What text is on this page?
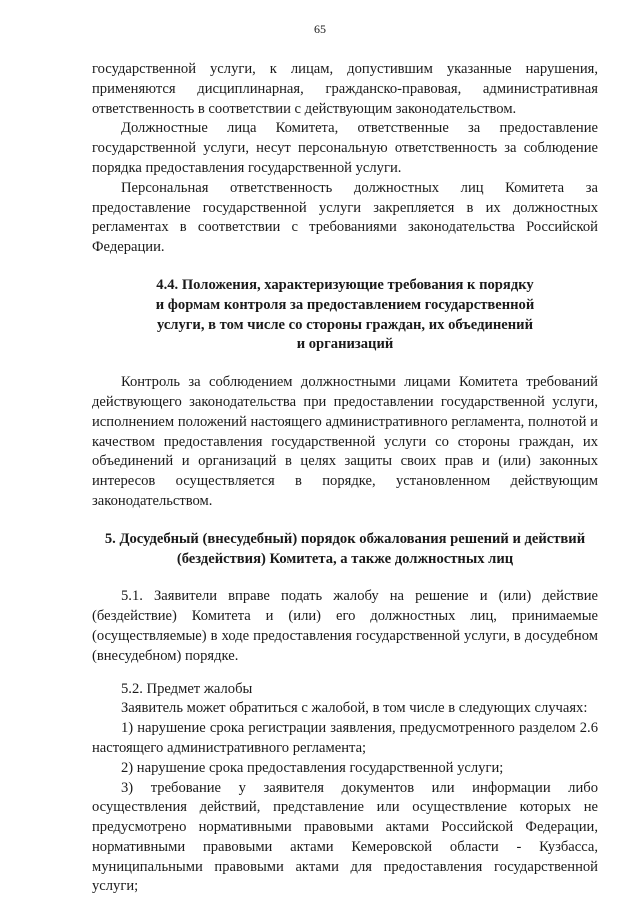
65

государственной услуги, к лицам, допустившим указанные нарушения, применяются дисциплинарная, гражданско-правовая, административная ответственность в соответствии с действующим законодательством.

Должностные лица Комитета, ответственные за предоставление государственной услуги, несут персональную ответственность за соблюдение порядка предоставления государственной услуги.

Персональная ответственность должностных лиц Комитета за предоставление государственной услуги закрепляется в их должностных регламентах в соответствии с требованиями законодательства Российской Федерации.

4.4. Положения, характеризующие требования к порядку
и формам контроля за предоставлением государственной
услуги, в том числе со стороны граждан, их объединений
и организаций

Контроль за соблюдением должностными лицами Комитета требований действующего законодательства при предоставлении государственной услуги, исполнением положений настоящего административного регламента, полнотой и качеством предоставления государственной услуги со стороны граждан, их объединений и организаций в целях защиты своих прав и (или) законных интересов осуществляется в порядке, установленном действующим законодательством.

5. Досудебный (внесудебный) порядок обжалования решений и действий
(бездействия) Комитета, а также должностных лиц

5.1. Заявители вправе подать жалобу на решение и (или) действие (бездействие) Комитета и (или) его должностных лиц, принимаемые (осуществляемые) в ходе предоставления государственной услуги, в досудебном (внесудебном) порядке.

5.2. Предмет жалобы

Заявитель может обратиться с жалобой, в том числе в следующих случаях:

1) нарушение срока регистрации заявления, предусмотренного разделом 2.6 настоящего административного регламента;

2) нарушение срока предоставления государственной услуги;

3) требование у заявителя документов или информации либо осуществления действий, представление или осуществление которых не предусмотрено нормативными правовыми актами Российской Федерации, нормативными правовыми актами Кемеровской области - Кузбасса, муниципальными правовыми актами для предоставления государственной услуги;
